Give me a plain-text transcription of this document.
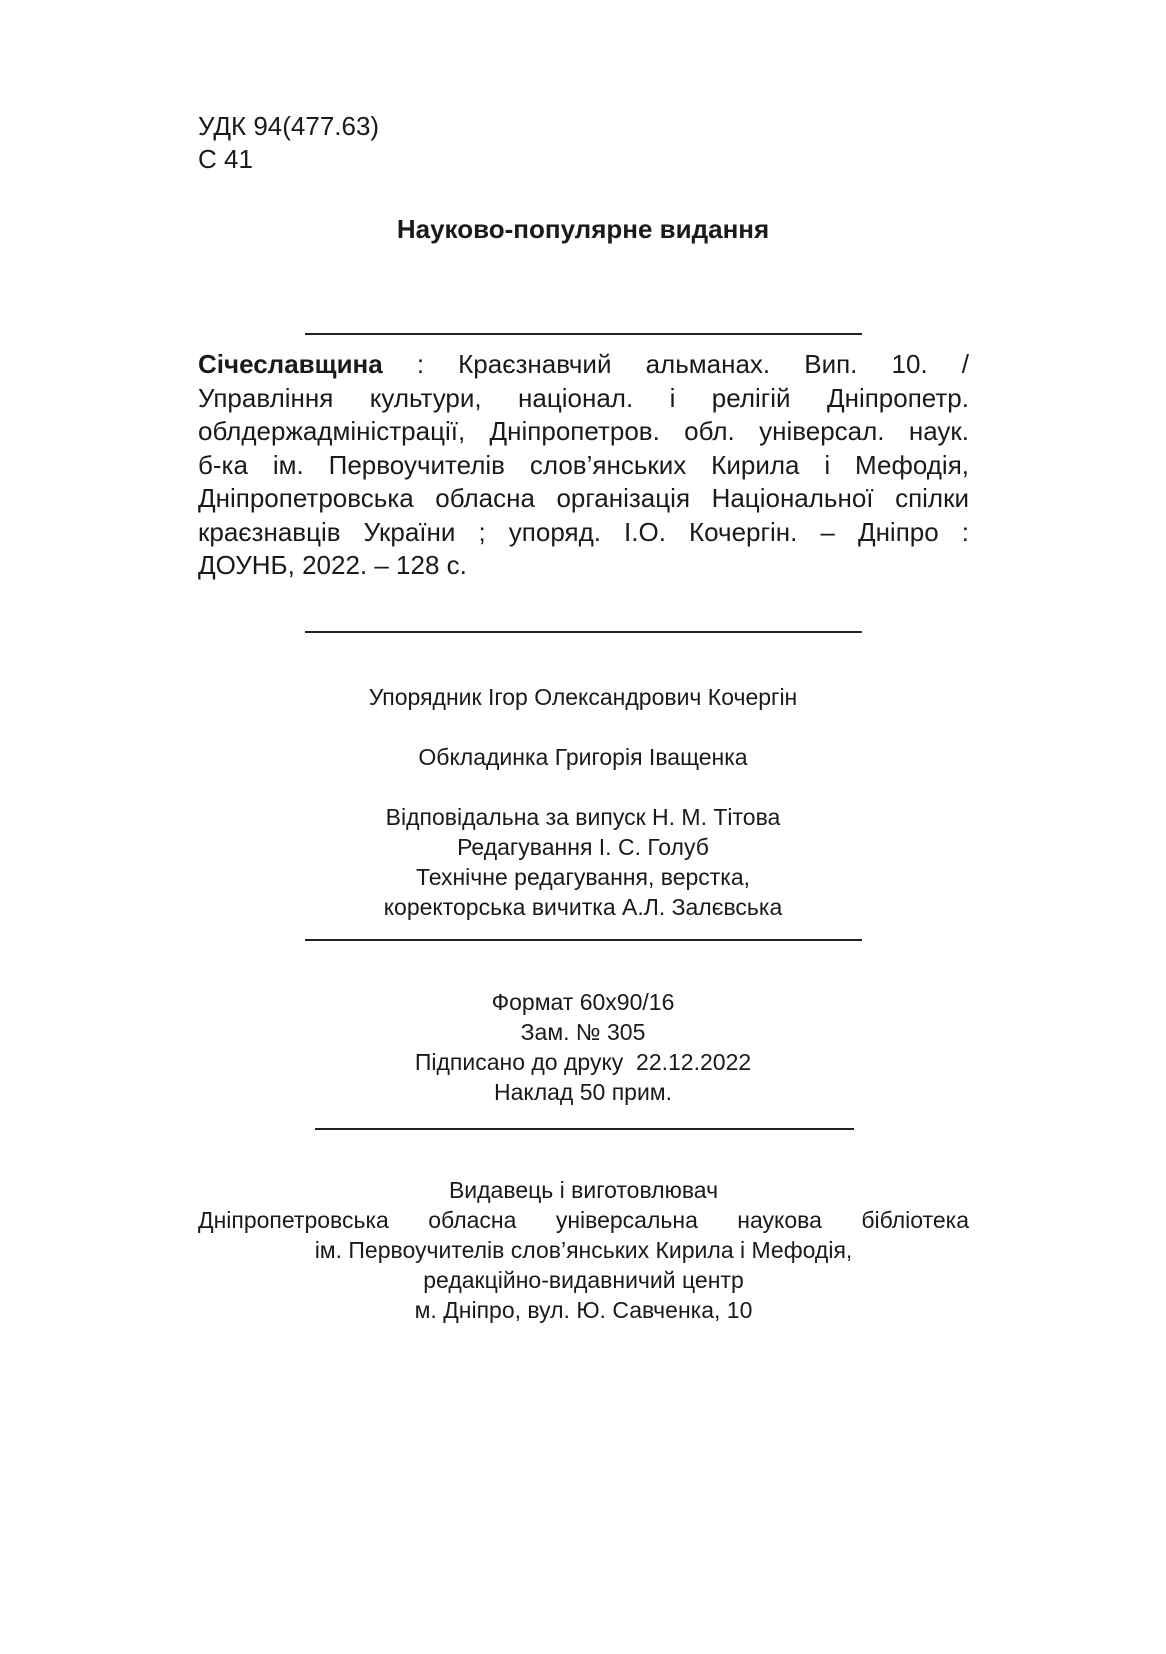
УДК 94(477.63)
С 41
Науково-популярне видання
Січеславщина : Краєзнавчий альманах. Вип. 10. /
Управління культури, націонал. і релігій Дніпропетр.
облдержадміністрації, Дніпропетров. обл. універсал. наук.
б-ка ім. Первоучителів слов’янських Кирила і Мефодія,
Дніпропетровська обласна організація Національної спілки
краєзнавців України ; упоряд. І.О. Кочергін. – Дніпро :
ДОУНБ, 2022. – 128 с.
Упорядник Ігор Олександрович Кочергін
Обкладинка Григорія Іващенка
Відповідальна за випуск Н. М. Тітова
Редагування І. С. Голуб
Технічне редагування, верстка,
коректорська вичитка А.Л. Залєвська
Формат 60х90/16
Зам. № 305
Підписано до друку  22.12.2022
Наклад 50 прим.
Видавець і виготовлювач
Дніпропетровська обласна універсальна наукова бібліотека
ім. Первоучителів слов’янських Кирила і Мефодія,
редакційно-видавничий центр
м. Дніпро, вул. Ю. Савченка, 10
